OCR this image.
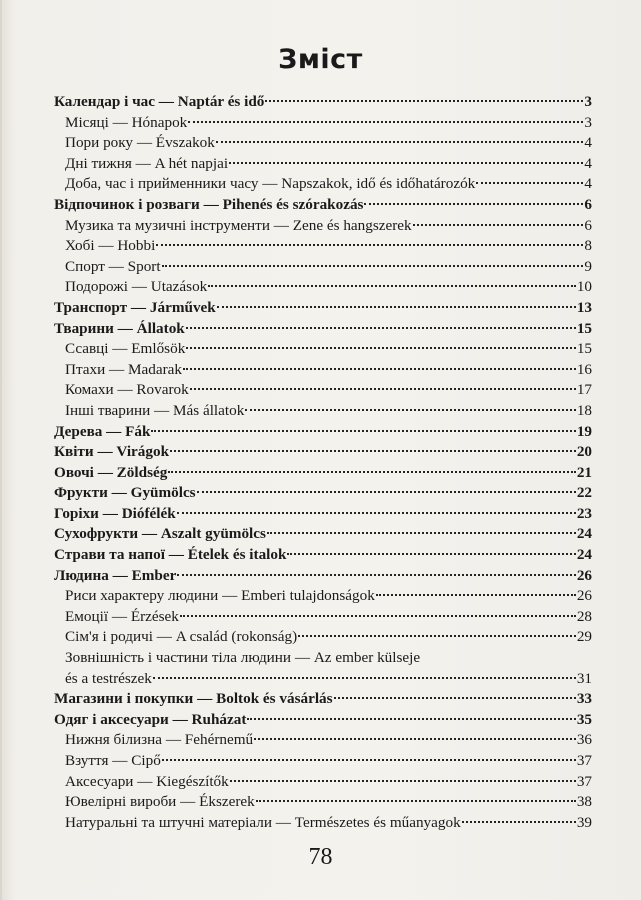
Зміст
Календар і час — Naptár és idő	3
Місяці — Hónapok	3
Пори року — Évszakok	4
Дні тижня — A hét napjai	4
Доба, час і прийменники часу — Napszakok, idő és időhatározók	4
Відпочинок і розваги — Pihenés és szórakozás	6
Музика та музичні інструменти — Zene és hangszerek	6
Хобі — Hobbi	8
Спорт — Sport	9
Подорожі — Utazások	10
Транспорт — Járművek	13
Тварини — Állatok	15
Ссавці — Emlősök	15
Птахи — Madarak	16
Комахи — Rovarok	17
Інші тварини — Más állatok	18
Дерева — Fák	19
Квіти — Virágok	20
Овочі — Zöldség	21
Фрукти — Gyümölcs	22
Горіхи — Diófélék	23
Сухофрукти — Aszalt gyümölcs	24
Страви та напої — Ételek és italok	24
Людина — Ember	26
Риси характеру людини — Emberi tulajdonságok	26
Емоції — Érzések	28
Сім'я і родичі — A család (rokonság)	29
Зовнішність і частини тіла людини — Az ember külseje
és a testrészek	31
Магазини і покупки — Boltok és vásárlás	33
Одяг і аксесуари — Ruházat	35
Нижня білизна — Fehérnemű	36
Взуття — Cipő	37
Аксесуари — Kiegészítők	37
Ювелірні вироби — Ékszerek	38
Натуральні та штучні матеріали — Természetes és műanyagok	39
78
